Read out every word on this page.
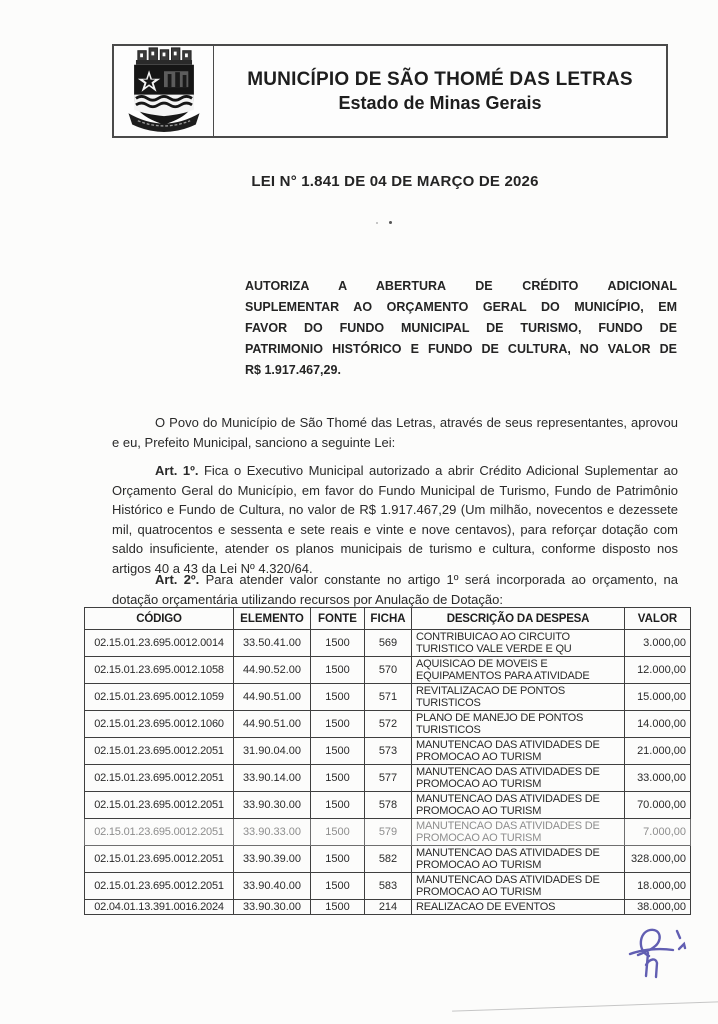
MUNICÍPIO DE SÃO THOMÉ DAS LETRAS
Estado de Minas Gerais
LEI N° 1.841 DE 04 DE MARÇO DE 2026
AUTORIZA A ABERTURA DE CRÉDITO ADICIONAL
SUPLEMENTAR AO ORÇAMENTO GERAL DO MUNICÍPIO, EM
FAVOR DO FUNDO MUNICIPAL DE TURISMO, FUNDO DE
PATRIMONIO HISTÓRICO E FUNDO DE CULTURA, NO VALOR DE
R$ 1.917.467,29.

O Povo do Município de São Thomé das Letras, através de seus representantes, aprovou e eu, Prefeito Municipal, sanciono a seguinte Lei:

Art. 1º. Fica o Executivo Municipal autorizado a abrir Crédito Adicional Suplementar ao Orçamento Geral do Município, em favor do Fundo Municipal de Turismo, Fundo de Patrimônio Histórico e Fundo de Cultura, no valor de R$ 1.917.467,29 (Um milhão, novecentos e dezessete mil, quatrocentos e sessenta e sete reais e vinte e nove centavos), para reforçar dotação com saldo insuficiente, atender os planos municipais de turismo e cultura, conforme disposto nos artigos 40 a 43 da Lei Nº 4.320/64.

Art. 2º. Para atender valor constante no artigo 1º será incorporada ao orçamento, na dotação orçamentária utilizando recursos por Anulação de Dotação:

CÓDIGO	ELEMENTO	FONTE	FICHA	DESCRIÇÃO DA DESPESA	VALOR
02.15.01.23.695.0012.0014	33.50.41.00	1500	569	CONTRIBUICAO AO CIRCUITO TURISTICO VALE VERDE E QU	3.000,00
02.15.01.23.695.0012.1058	44.90.52.00	1500	570	AQUISICAO DE MOVEIS E EQUIPAMENTOS PARA ATIVIDADE	12.000,00
02.15.01.23.695.0012.1059	44.90.51.00	1500	571	REVITALIZACAO DE PONTOS TURISTICOS	15.000,00
02.15.01.23.695.0012.1060	44.90.51.00	1500	572	PLANO DE MANEJO DE PONTOS TURISTICOS	14.000,00
02.15.01.23.695.0012.2051	31.90.04.00	1500	573	MANUTENCAO DAS ATIVIDADES DE PROMOCAO AO TURISM	21.000,00
02.15.01.23.695.0012.2051	33.90.14.00	1500	577	MANUTENCAO DAS ATIVIDADES DE PROMOCAO AO TURISM	33.000,00
02.15.01.23.695.0012.2051	33.90.30.00	1500	578	MANUTENCAO DAS ATIVIDADES DE PROMOCAO AO TURISM	70.000,00
02.15.01.23.695.0012.2051	33.90.33.00	1500	579	MANUTENCAO DAS ATIVIDADES DE PROMOCAO AO TURISM	7.000,00
02.15.01.23.695.0012.2051	33.90.39.00	1500	582	MANUTENCAO DAS ATIVIDADES DE PROMOCAO AO TURISM	328.000,00
02.15.01.23.695.0012.2051	33.90.40.00	1500	583	MANUTENCAO DAS ATIVIDADES DE PROMOCAO AO TURISM	18.000,00
02.04.01.13.391.0016.2024	33.90.30.00	1500	214	REALIZACAO DE EVENTOS	38.000,00
